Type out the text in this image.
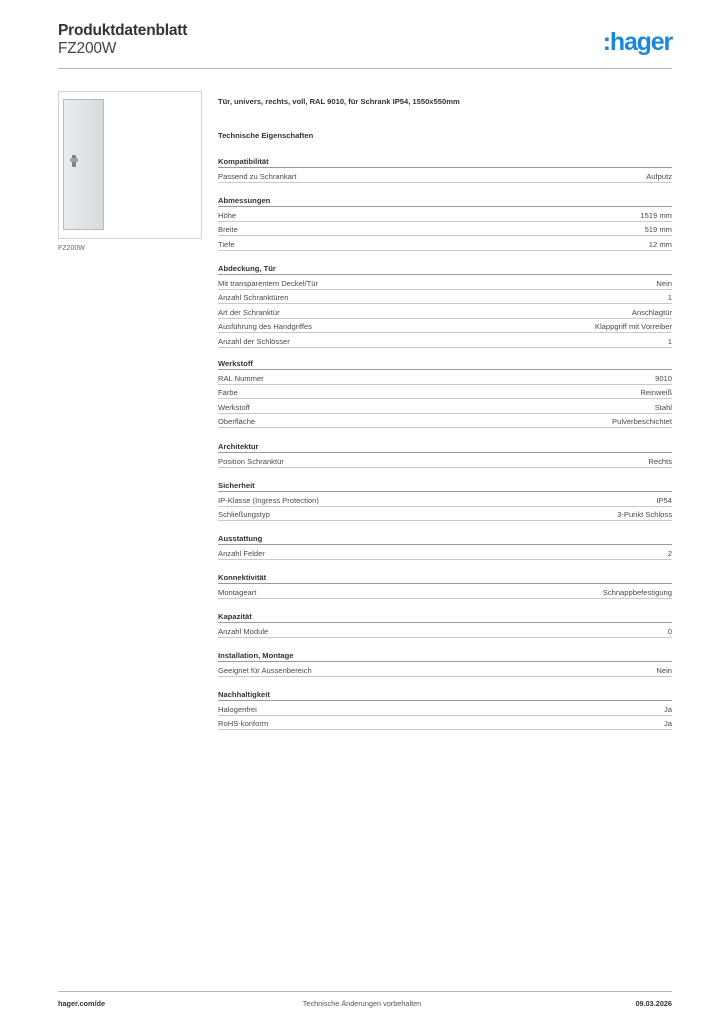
Produktdatenblatt
FZ200W	:hager
FZ200W
Tür, univers, rechts, voll, RAL 9010, für Schrank IP54, 1550x550mm
Technische Eigenschaften
Kompatibilität
Passend zu Schrankart	Aufputz
Abmessungen
Höhe	1519 mm
Breite	519 mm
Tiefe	12 mm
Abdeckung, Tür
Mit transparentem Deckel/Tür	Nein
Anzahl Schranktüren	1
Art der Schranktür	Anschlagtür
Ausführung des Handgriffes	Klappgriff mit Vorreiber
Anzahl der Schlösser	1
Werkstoff
RAL Nummer	9010
Farbe	Reinweiß
Werkstoff	Stahl
Oberfläche	Pulverbeschichtet
Architektur
Position Schranktür	Rechts
Sicherheit
IP-Klasse (Ingress Protection)	IP54
Schließungstyp	3-Punkt Schloss
Ausstattung
Anzahl Felder	2
Konnektivität
Montageart	Schnappbefestigung
Kapazität
Anzahl Module	0
Installation, Montage
Geeignet für Aussenbereich	Nein
Nachhaltigkeit
Halogenfrei	Ja
RoHS-konform	Ja
hager.com/de	Technische Änderungen vorbehalten	09.03.2026
